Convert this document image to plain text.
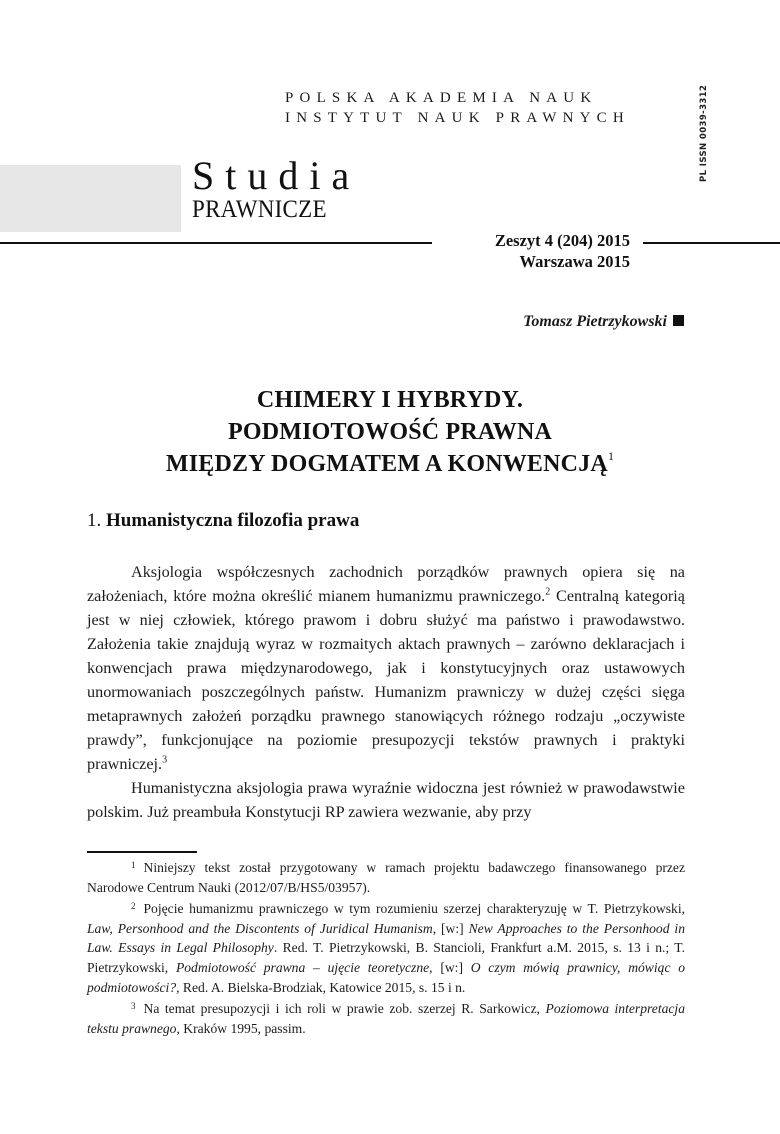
POLSKA AKADEMIA NAUK
INSTYTUT NAUK PRAWNYCH	PL ISSN 0039-3312
Studia
PRAWNICZE
Zeszyt 4 (204) 2015
Warszawa 2015
Tomasz Pietrzykowski
CHIMERY I HYBRYDY.
PODMIOTOWOŚĆ PRAWNA
MIĘDZY DOGMATEM A KONWENCJĄ$^1$
1. Humanistyczna filozofia prawa

Aksjologia współczesnych zachodnich porządków prawnych opiera się na założeniach, które można określić mianem humanizmu prawniczego.$^2$ Centralną kategorią jest w niej człowiek, którego prawom i dobru służyć ma państwo i prawodawstwo. Założenia takie znajdują wyraz w rozmaitych aktach prawnych – zarówno deklaracjach i konwencjach prawa międzynarodowego, jak i konstytucyjnych oraz ustawowych unormowaniach poszczególnych państw. Humanizm prawniczy w dużej części sięga metaprawnych założeń porządku prawnego stanowiących różnego rodzaju „oczywiste prawdy”, funkcjonujące na poziomie presupozycji tekstów prawnych i praktyki prawniczej.$^3$

Humanistyczna aksjologia prawa wyraźnie widoczna jest również w prawodawstwie polskim. Już preambuła Konstytucji RP zawiera wezwanie, aby przy

$^1$ Niniejszy tekst został przygotowany w ramach projektu badawczego finansowanego przez Narodowe Centrum Nauki (2012/07/B/HS5/03957).

$^2$ Pojęcie humanizmu prawniczego w tym rozumieniu szerzej charakteryzuję w T. Pietrzykowski, Law, Personhood and the Discontents of Juridical Humanism, [w:] New Approaches to the Personhood in Law. Essays in Legal Philosophy. Red. T. Pietrzykowski, B. Stancioli, Frankfurt a.M. 2015, s. 13 i n.; T. Pietrzykowski, Podmiotowość prawna – ujęcie teoretyczne, [w:] O czym mówią prawnicy, mówiąc o podmiotowości?, Red. A. Bielska-Brodziak, Katowice 2015, s. 15 i n.

$^3$ Na temat presupozycji i ich roli w prawie zob. szerzej R. Sarkowicz, Poziomowa interpretacja tekstu prawnego, Kraków 1995, passim.
